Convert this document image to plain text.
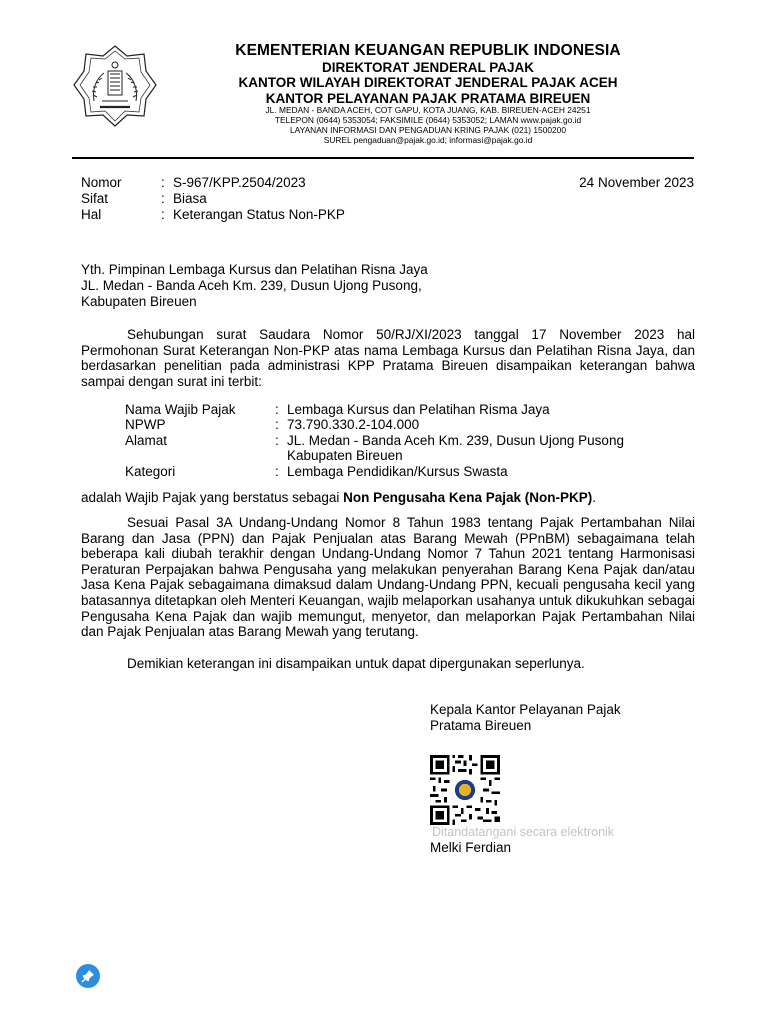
KEMENTERIAN KEUANGAN REPUBLIK INDONESIA
DIREKTORAT JENDERAL PAJAK
KANTOR WILAYAH DIREKTORAT JENDERAL PAJAK ACEH
KANTOR PELAYANAN PAJAK PRATAMA BIREUEN
JL. MEDAN - BANDA ACEH, COT GAPU, KOTA JUANG, KAB. BIREUEN-ACEH 24251
TELEPON (0644) 5353054; FAKSIMILE (0644) 5353052; LAMAN www.pajak.go.id
LAYANAN INFORMASI DAN PENGADUAN KRING PAJAK (021) 1500200
SUREL pengaduan@pajak.go.id; informasi@pajak.go.id
Nomor	: S-967/KPP.2504/2023
Sifat	: Biasa
Hal	: Keterangan Status Non-PKP
24 November 2023
Yth. Pimpinan Lembaga Kursus dan Pelatihan Risna Jaya
JL. Medan - Banda Aceh Km. 239, Dusun Ujong Pusong,
Kabupaten Bireuen
Sehubungan surat Saudara Nomor 50/RJ/XI/2023 tanggal 17 November 2023 hal Permohonan Surat Keterangan Non-PKP atas nama Lembaga Kursus dan Pelatihan Risna Jaya, dan berdasarkan penelitian pada administrasi KPP Pratama Bireuen disampaikan keterangan bahwa sampai dengan surat ini terbit:
Nama Wajib Pajak	: Lembaga Kursus dan Pelatihan Risma Jaya
NPWP	: 73.790.330.2-104.000
Alamat	: JL. Medan - Banda Aceh Km. 239, Dusun Ujong Pusong
Kabupaten Bireuen
Kategori	: Lembaga Pendidikan/Kursus Swasta
adalah Wajib Pajak yang berstatus sebagai Non Pengusaha Kena Pajak (Non-PKP).
Sesuai Pasal 3A Undang-Undang Nomor 8 Tahun 1983 tentang Pajak Pertambahan Nilai Barang dan Jasa (PPN) dan Pajak Penjualan atas Barang Mewah (PPnBM) sebagaimana telah beberapa kali diubah terakhir dengan Undang-Undang Nomor 7 Tahun 2021 tentang Harmonisasi Peraturan Perpajakan bahwa Pengusaha yang melakukan penyerahan Barang Kena Pajak dan/atau Jasa Kena Pajak sebagaimana dimaksud dalam Undang-Undang PPN, kecuali pengusaha kecil yang batasannya ditetapkan oleh Menteri Keuangan, wajib melaporkan usahanya untuk dikukuhkan sebagai Pengusaha Kena Pajak dan wajib memungut, menyetor, dan melaporkan Pajak Pertambahan Nilai dan Pajak Penjualan atas Barang Mewah yang terutang.
Demikian keterangan ini disampaikan untuk dapat dipergunakan seperlunya.
Kepala Kantor Pelayanan Pajak
Pratama Bireuen
Ditandatangani secara elektronik
Melki Ferdian
